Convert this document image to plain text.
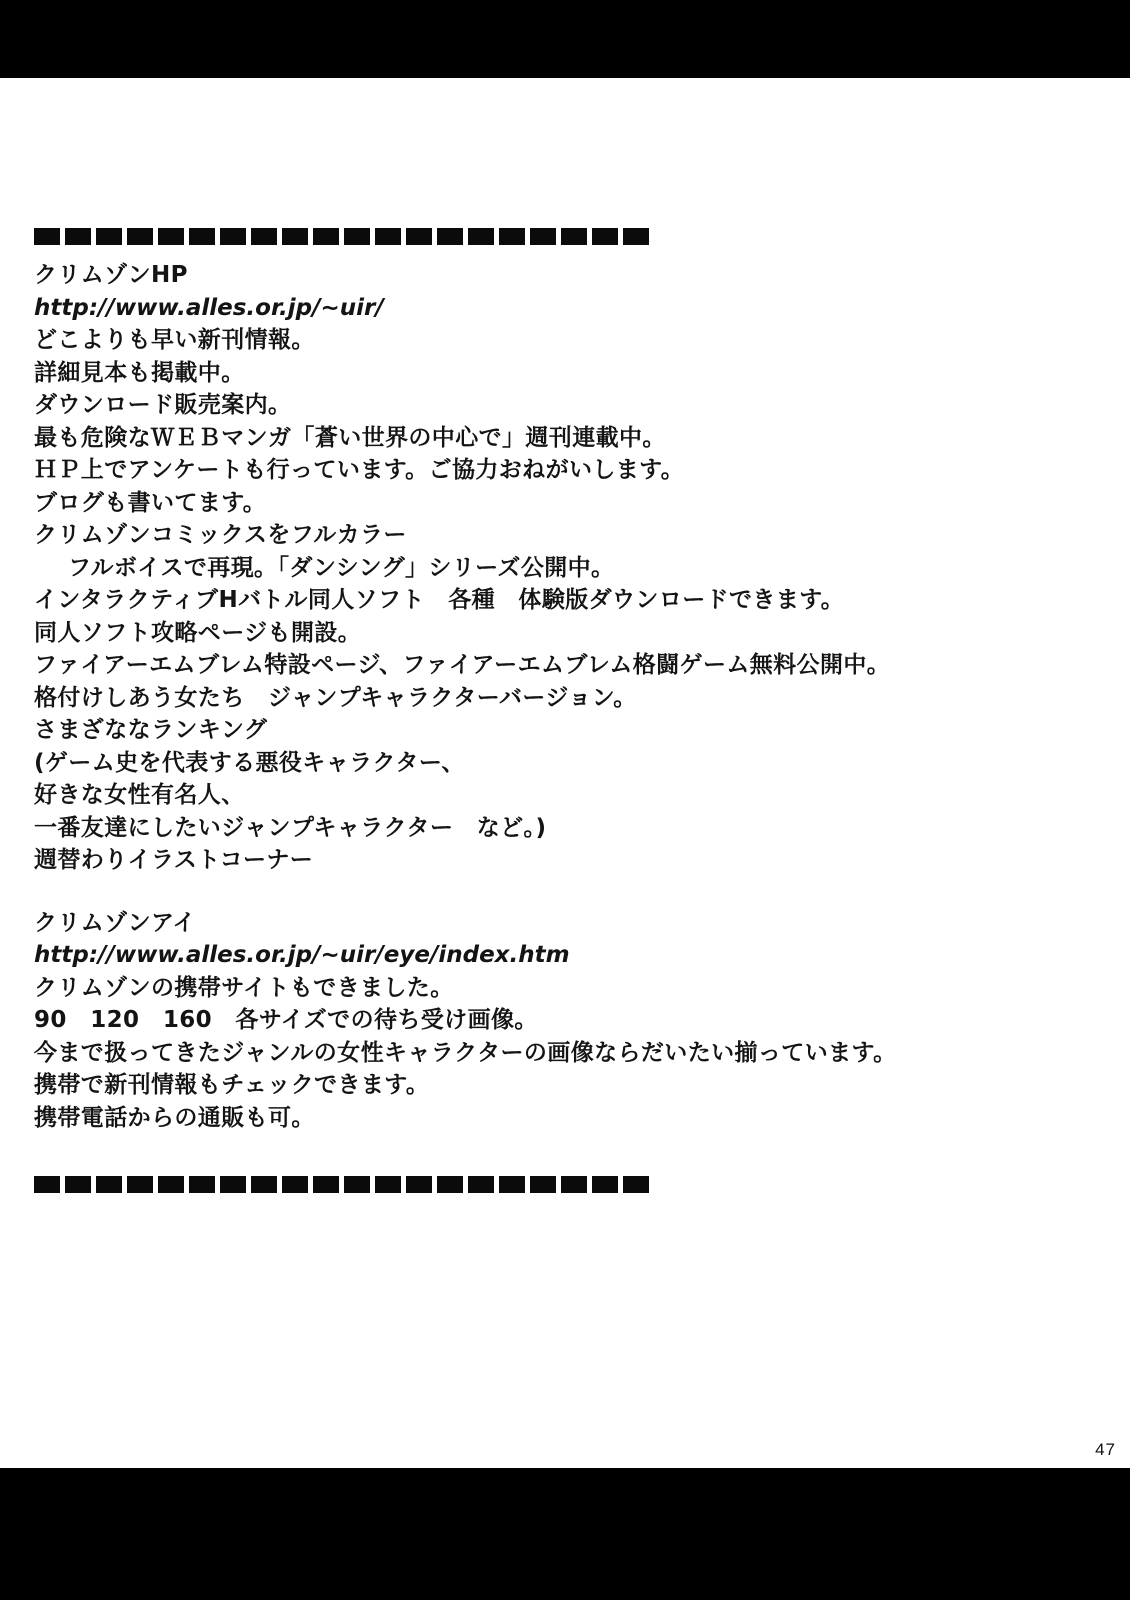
クリムゾンHP
http://www.alles.or.jp/~uir/
どこよりも早い新刊情報。
詳細見本も掲載中。
ダウンロード販売案内。
最も危険なＷＥＢマンガ「蒼い世界の中心で」週刊連載中。
ＨＰ上でアンケートも行っています。ご協力おねがいします。
ブログも書いてます。
クリムゾンコミックスをフルカラー
フルボイスで再現。「ダンシング」シリーズ公開中。
インタラクティブHバトル同人ソフト　各種　体験版ダウンロードできます。
同人ソフト攻略ページも開設。
ファイアーエムブレム特設ページ、ファイアーエムブレム格闘ゲーム無料公開中。
格付けしあう女たち　ジャンプキャラクターバージョン。
さまざななランキング
(ゲーム史を代表する悪役キャラクター、
好きな女性有名人、
一番友達にしたいジャンプキャラクター　など。)
週替わりイラストコーナー
クリムゾンアイ
http://www.alles.or.jp/~uir/eye/index.htm
クリムゾンの携帯サイトもできました。
90　120　160　各サイズでの待ち受け画像。
今まで扱ってきたジャンルの女性キャラクターの画像ならだいたい揃っています。
携帯で新刊情報もチェックできます。
携帯電話からの通販も可。
47
